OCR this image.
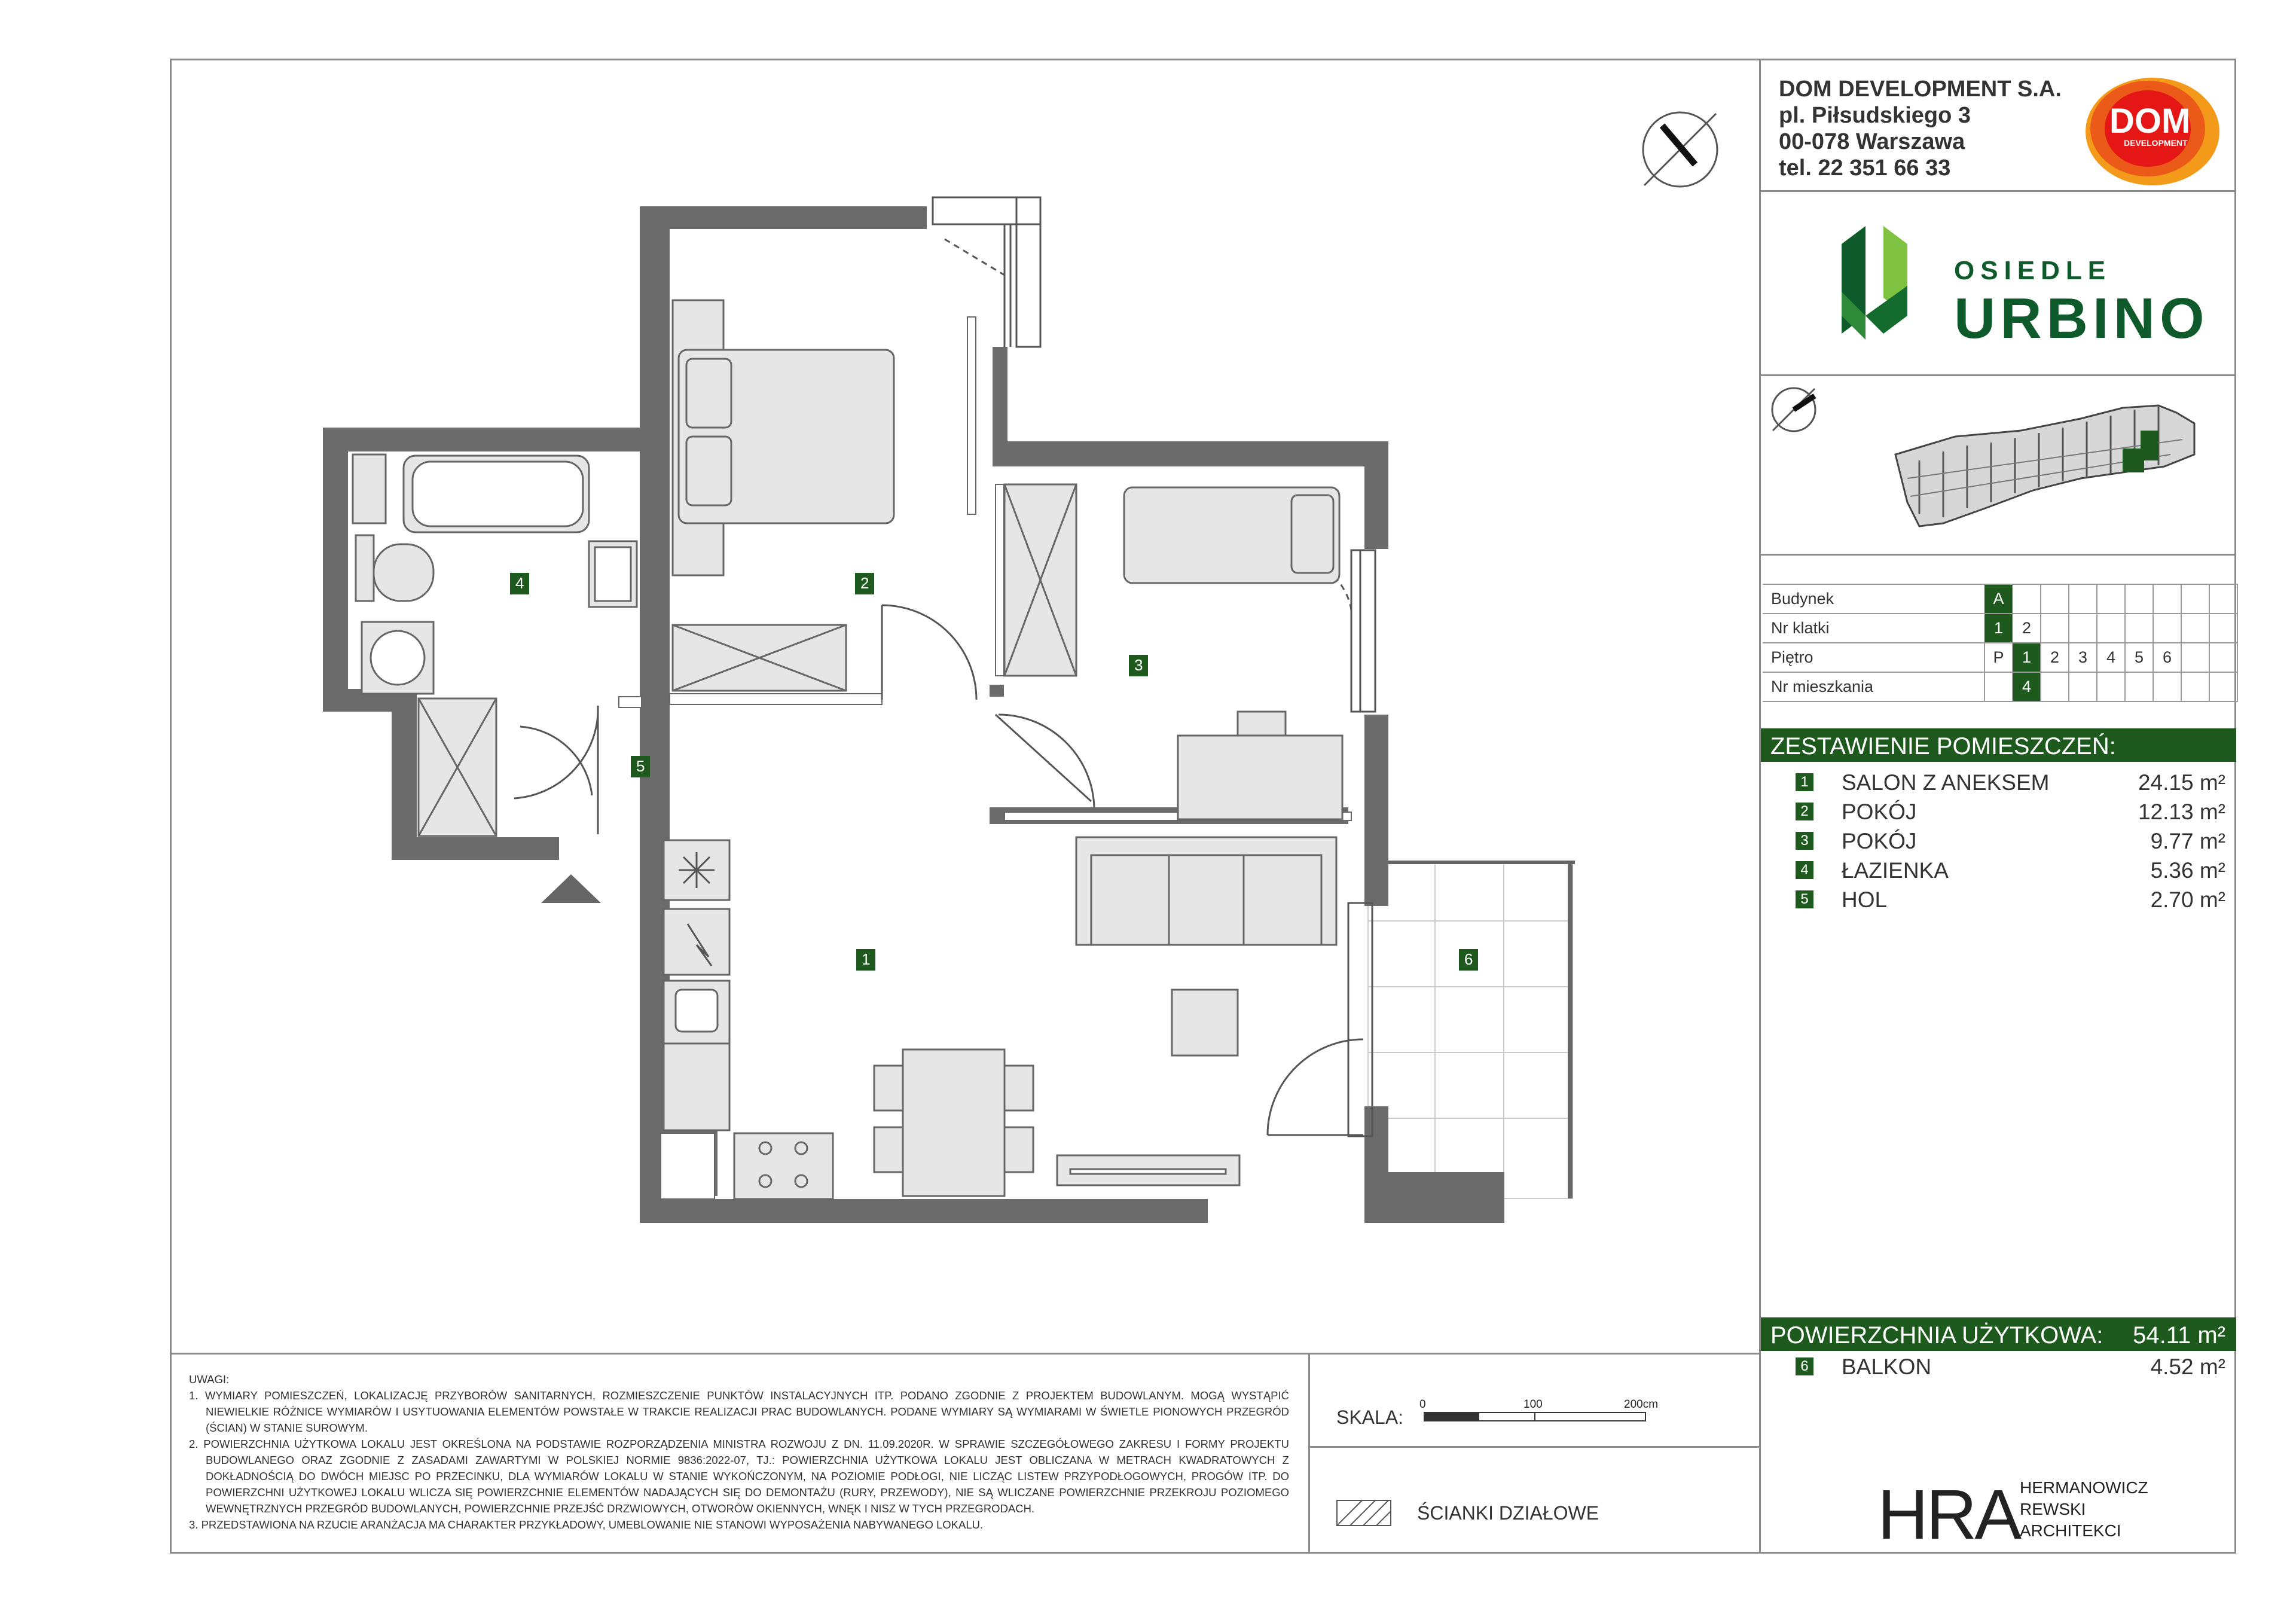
DOM DEVELOPMENT S.A.
pl. Piłsudskiego 3
00-078 Warszawa
tel. 22 351 66 33
DOM
DEVELOPMENT
OSIEDLE
URBINO
Budynek	A								
Nr klatki	1	2							
Piętro	P	1	2	3	4	5	6		
Nr mieszkania		4							
ZESTAWIENIE POMIESZCZEŃ:
1 SALON Z ANEKSEM	24.15 m²
2 POKÓJ	12.13 m²
3 POKÓJ	9.77 m²
4 ŁAZIENKA	5.36 m²
5 HOL	2.70 m²
POWIERZCHNIA UŻYTKOWA: 54.11 m²
6 BALKON	4.52 m²
SKALA:
0	100	200cm
ŚCIANKI DZIAŁOWE

UWAGI:

1. WYMIARY POMIESZCZEŃ, LOKALIZACJĘ PRZYBORÓW SANITARNYCH, ROZMIESZCZENIE PUNKTÓW INSTALACYJNYCH ITP. PODANO ZGODNIE Z PROJEKTEM BUDOWLANYM. MOGĄ WYSTĄPIĆ NIEWIELKIE RÓŻNICE WYMIARÓW I USYTUOWANIA ELEMENTÓW POWSTAŁE W TRAKCIE REALIZACJI PRAC BUDOWLANYCH. PODANE WYMIARY SĄ WYMIARAMI W ŚWIETLE PIONOWYCH PRZEGRÓD (ŚCIAN) W STANIE SUROWYM.

2. POWIERZCHNIA UŻYTKOWA LOKALU JEST OKREŚLONA NA PODSTAWIE ROZPORZĄDZENIA MINISTRA ROZWOJU Z DN. 11.09.2020R. W SPRAWIE SZCZEGÓŁOWEGO ZAKRESU I FORMY PROJEKTU BUDOWLANEGO ORAZ ZGODNIE Z ZASADAMI ZAWARTYMI W POLSKIEJ NORMIE 9836:2022-07, TJ.: POWIERZCHNIA UŻYTKOWA LOKALU JEST OBLICZANA W METRACH KWADRATOWYCH Z DOKŁADNOŚCIĄ DO DWÓCH MIEJSC PO PRZECINKU, DLA WYMIARÓW LOKALU W STANIE WYKOŃCZONYM, NA POZIOMIE PODŁOGI, NIE LICZĄC LISTEW PRZYPODŁOGOWYCH, PROGÓW ITP. DO POWIERZCHNI UŻYTKOWEJ LOKALU WLICZA SIĘ POWIERZCHNIE ELEMENTÓW NADAJĄCYCH SIĘ DO DEMONTAŻU (RURY, PRZEWODY), NIE SĄ WLICZANE POWIERZCHNIE PRZEKROJU POZIOMEGO WEWNĘTRZNYCH PRZEGRÓD BUDOWLANYCH, POWIERZCHNIE PRZEJŚĆ DRZWIOWYCH, OTWORÓW OKIENNYCH, WNĘK I NISZ W TYCH PRZEGRODACH.

3. PRZEDSTAWIONA NA RZUCIE ARANŻACJA MA CHARAKTER PRZYKŁADOWY, UMEBLOWANIE NIE STANOWI WYPOSAŻENIA NABYWANEGO LOKALU.	HRA HERMANOWICZ
REWSKI
ARCHITEKCI
1
2
3
4
5
6
